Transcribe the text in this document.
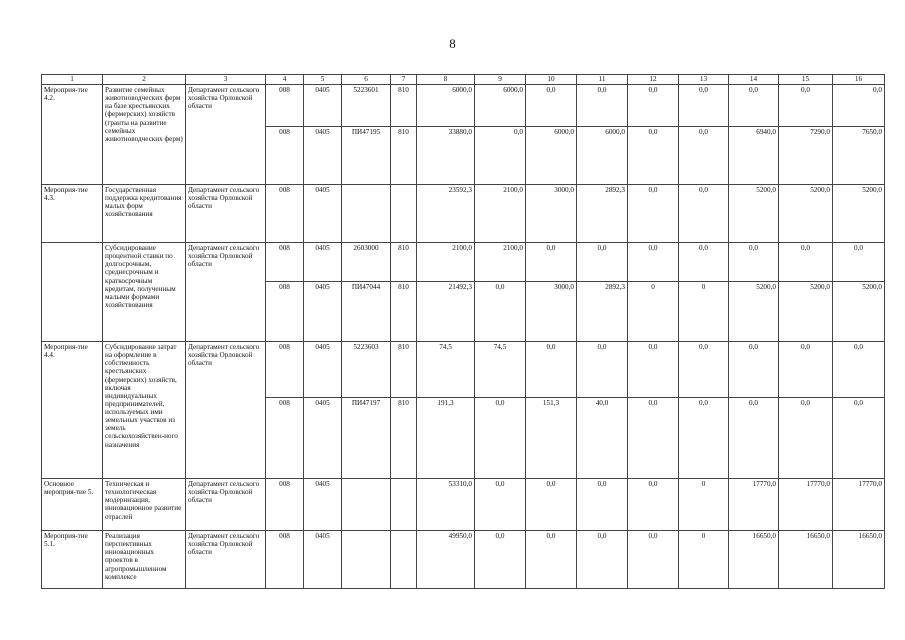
8
1	2	3	4	5	6	7	8	9	10	11	12	13	14	15	16
Мероприя-тие 4.2.	Развитие семейных животноводческих ферм на базе крестьянских (фермерских) хозяйств (гранты на развитие семейных животноводческих ферм)	Департамент сельского хозяйства Орловской области	008	0405	5223601	810	6000,0	6000,0	0,0	0,0	0,0	0,0	0,0	0,0	0,0
			008	0405	ПИ47195	810	33880,0	0,0	6000,0	6000,0	0,0	0,0	6940,0	7290,0	7650,0
Мероприя-тие 4.3.	Государственная поддержка кредитования малых форм хозяйствования	Департамент сельского хозяйства Орловской области	008	0405			23592,3	2100,0	3000,0	2892,3	0,0	0,0	5200,0	5200,0	5200,0
	Субсидирование процентной ставки по долгосрочным, среднесрочным и краткосрочным кредитам, полученным малыми формами хозяйствования	Департамент сельского хозяйства Орловской области	008	0405	2603000	810	2100,0	2100,0	0,0	0,0	0,0	0,0	0,0	0,0	0,0
			008	0405	ПИ47044	810	21492,3	0,0	3000,0	2892,3	0	0	5200,0	5200,0	5200,0
Мероприя-тие 4.4.	Субсидирование затрат на оформление в собственность крестьянских (фермерских) хозяйств, включая индивидуальных предпринимателей, используемых ими земельных участков из земель сельскохозяйствен-ного назначения	Департамент сельского хозяйства Орловской области	008	0405	5223603	810	74,5	74,5	0,0	0,0	0,0	0,0	0,0	0,0	0,0
			008	0405	ПИ47197	810	191,3	0,0	151,3	40,0	0,0	0,0	0,0	0,0	0,0
Основное мероприя-тие 5.	Техническая и технологическая модернизация, инновационное развитие отраслей	Департамент сельского хозяйства Орловской области	008	0405			53310,0	0,0	0,0	0,0	0,0	0	17770,0	17770,0	17770,0
Мероприя-тие 5.1.	Реализация перспективных инновационных проектов в агропромышленном комплексе	Департамент сельского хозяйства Орловской области	008	0405			49950,0	0,0	0,0	0,0	0,0	0	16650,0	16650,0	16650,0
